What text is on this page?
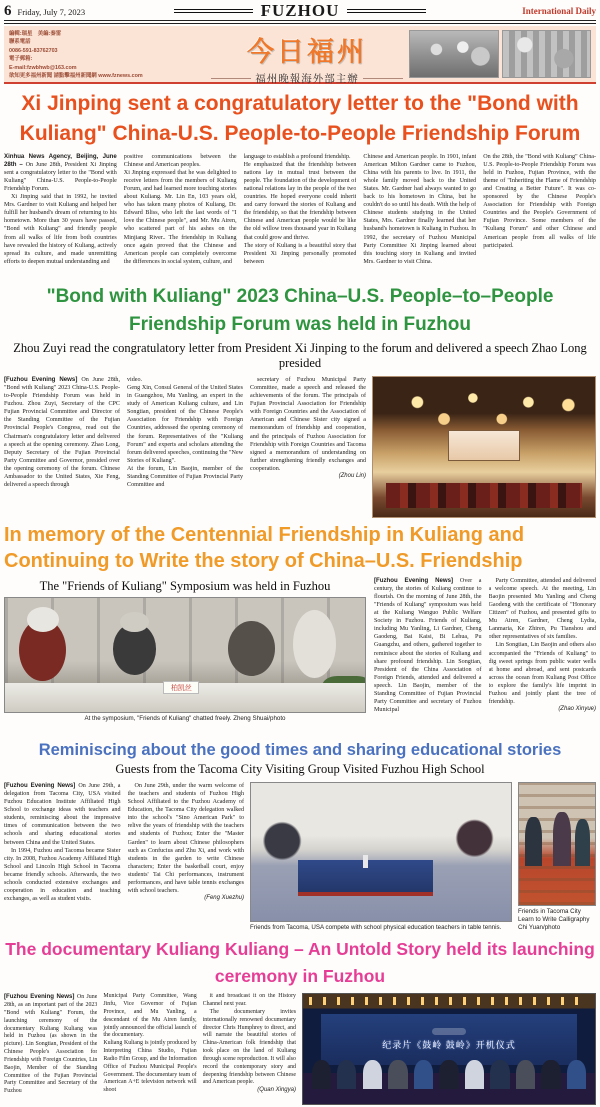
6 Friday, July 7, 2023	FUZHOU	International Daily

編輯:瑞星　美編:秦雷

聯系電話

0086-591-83762703

電子郵箱:

E-mail:fzwbhwb@163.com

欲知更多福州新聞 請點擊福州新聞網 www.fznews.com

今日福州
福州晚報海外部主辦
Xi Jinping sent a congratulatory letter to the "Bond with Kuliang" China-U.S. People-to-People Friendship Forum

Xinhua News Agency, Beijing, June 28th – On June 28th, President Xi Jinping sent a congratulatory letter to the "Bond with Kuliang" China-U.S. People-to-People Friendship Forum.

Xi Jinping said that in 1992, he invited Mrs. Gardner to visit Kuliang and helped her fulfill her husband's dream of returning to his hometown. More than 30 years have passed, "Bond with Kuliang" and friendly people from all walks of life from both countries have revealed the history of Kuliang, actively spread its culture, and made unremitting efforts to deepen mutual understanding and

positive communications between the Chinese and American peoples.

Xi Jinping expressed that he was delighted to receive letters from the members of Kuliang Forum, and had learned more touching stories about Kuliang. Mr. Lin En, 103 years old, who has taken many photos of Kuliang, Dr. Edward Bliss, who left the last words of "I love the Chinese people", and Mr. Mu Airen, who scattered part of his ashes on the Minjiang River.. The friendship in Kuliang once again proved that the Chinese and American people can completely overcome the differences in social system, culture, and

language to establish a profound friendship.

He emphasized that the friendship between nations lay in mutual trust between the people. The foundation of the development of national relations lay in the people of the two countries. He hoped everyone could inherit and carry forward the stories of Kuliang and the friendship, so that the friendship between Chinese and American people would be like the old willow trees thousand year in Kuliang that could grow and thrive.

The story of Kuliang is a beautiful story that President Xi Jinping personally promoted between

Chinese and American people. In 1901, infant American Milton Gardner came to Fuzhou, China with his parents to live. In 1911, the whole family moved back to the United States. Mr. Gardner had always wanted to go back to his hometown in China, but he couldn't do so until his death. With the help of Chinese students studying in the United States, Mrs. Gardner finally learned that her husband's hometown is Kuliang in Fuzhou. In 1992, the secretary of Fuzhou Municipal Party Committee Xi Jinping learned about this touching story in Kuliang and invited Mrs. Gardner to visit China.

On the 28th, the "Bond with Kuliang" China-U.S. People-to-People Friendship Forum was held in Fuzhou, Fujian Province, with the theme of "Inheriting the Flame of Friendship and Creating a Better Future". It was co-sponsored by the Chinese People's Association for Friendship with Foreign Countries and the People's Government of Fujian Province. Some members of the "Kuliang Forum" and other Chinese and American people from all walks of life participated.

"Bond with Kuliang" 2023 China–U.S. People–to–People Friendship Forum was held in Fuzhou

Zhou Zuyi read the congratulatory letter from President Xi Jinping to the forum and delivered a speech Zhao Long presided

[Fuzhou Evening News] On June 28th, "Bond with Kuliang" 2023 China-U.S. People-to-People Friendship Forum was held in Fuzhou. Zhou Zuyi, Secretary of the CPC Fujian Provincial Committee and Director of the Standing Committee of the Fujian Provincial People's Congress, read out the Chairman's congratulatory letter and delivered a speech at the opening ceremony. Zhao Long, Deputy Secretary of the Fujian Provincial Party Committee and Governor, presided over the opening ceremony of the forum. Chinese Ambassador to the United States, Xie Feng, delivered a speech through

video.

Geng Xin, Consul General of the United States in Guangzhou, Mu Yanling, an expert in the study of American Kuliang culture, and Lin Songtian, president of the Chinese People's Association for Friendship with Foreign Countries, addressed the opening ceremony of the forum. Representatives of the "Kuliang Forum" and experts and scholars attending the forum delivered speeches, continuing the "New Stories of Kuliang".

At the forum, Lin Baojin, member of the Standing Committee of Fujian Provincial Party Committee and

secretary of Fuzhou Municipal Party Committee, made a speech and released the achievements of the forum. The principals of Fujian Provincial Association for Friendship with Foreign Countries and the Association of American and Chinese Sister city signed a memorandum of friendship and cooperation, and the principals of Fuzhou Association for Friendship with Foreign Countries and Tacoma signed a memorandum of understanding on further strengthening friendly exchanges and cooperation.

(Zhou Lin)

In memory of the Centennial Friendship in Kuliang and Continuing to Write the story of China–U.S. Friendship

The "Friends of Kuliang" Symposium was held in Fuzhou

柏凯丝

At the symposium, "Friends of Kuliang" chatted freely. Zheng Shuai/photo

[Fuzhou Evening News] Over a century, the stories of Kuliang continue to flourish. On the morning of June 28th, the "Friends of Kuliang" symposium was held at the Kuliang Wanguo Public Welfare Society in Fuzhou. Friends of Kuliang, including Mu Yanling, Li Gardner, Cheng Gaodeng, Bai Kaisi, Bi Lehua, Pu Guangzhu, and others, gathered together to reminisce about the stories of Kuliang and share profound friendship. Lin Songtian, President of the China Association of Foreign Friends, attended and delivered a speech. Lin Baojin, member of the Standing Committee of Fujian Provincial Party Committee and secretary of Fuzhou Municipal

Party Committee, attended and delivered a welcome speech. At the meeting, Lin Baojin presented Mu Yanling and Cheng Gaodeng with the certificate of "Honorary Citizen" of Fuzhou, and presented gifts to Mu Airen, Gardner, Cheng Lydia, Lanmaria, Ke Zhiren, Pu Tianshou and other representatives of six families.

Lin Songtian, Lin Baojin and others also accompanied the "Friends of Kuliang" to dig sweet springs from public water wells at home and abroad, and sent postcards across the ocean from Kuliang Post Office to explore the family's life imprint in Fuzhou and jointly plant the tree of friendship.

(Zhao Xinyue)

Reminiscing about the good times and sharing educational stories

Guests from the Tacoma City Visiting Group Visited Fuzhou High School

[Fuzhou Evening News] On June 29th, a delegation from Tacoma City, USA visited Fuzhou Education Institute Affiliated High School to exchange ideas with teachers and students, reminiscing about the impressive times of communication between the two schools and sharing educational stories between China and the United States.

In 1994, Fuzhou and Tacoma became Sister city. In 2008, Fuzhou Academy Affiliated High School and Lincoln High School in Tacoma became friendly schools. Afterwards, the two schools conducted extensive exchanges and cooperation in education and teaching exchanges, as well as student visits.

On June 29th, under the warm welcome of the teachers and students of Fuzhou High School Affiliated to the Fuzhou Academy of Education, the Tacoma City delegation walked into the school's "Sino American Park" to relive the years of friendship with the teachers and students of Fuzhou; Enter the "Master Garden" to learn about Chinese philosophers such as Confucius and Zhu Xi, and work with students in the garden to write Chinese characters; Enter the basketball court, enjoy students' Tai Chi performances, instrument performances, and have table tennis exchanges with school teachers.

(Feng Xuezhu)

Friends from Tacoma, USA compete with school physical education teachers in table tennis.

Friends in Tacoma City Learn to Write Calligraphy Chi Yuan/photo

The documentary Kuliang Kuliang – An Untold Story held its launching ceremony in Fuzhou

[Fuzhou Evening News] On June 28th, as an important part of the 2023 "Bond with Kuliang" Forum, the launching ceremony of the documentary Kuliang Kuliang was held in Fuzhou (as shown in the picture). Lin Songtian, President of the Chinese People's Association for Friendship with Foreign Countries, Lin Baojin, Member of the Standing Committee of the Fujian Provincial Party Committee and Secretary of the Fuzhou

Municipal Party Committee, Wang Jinfu, Vice Governor of Fujian Province, and Mu Yanling, a descendant of the Mu Airen family, jointly announced the official launch of the documentary.

Kuliang Kuliang is jointly produced by Interpreting China Studio, Fujian Radio Film Group, and the Information Office of Fuzhou Municipal People's Government. The documentary team of American A+E television network will shoot

it and broadcast it on the History Channel next year.

The documentary invites internationally renowned documentary director Chris Humphrey to direct, and will narrate the beautiful stories of China-American folk friendship that took place on the land of Kuliang through scene reproduction. It will also record the contemporary story and deepening friendship between Chinese and American people.

(Quan Xingya)

纪录片《鼓岭 鼓岭》开机仪式
